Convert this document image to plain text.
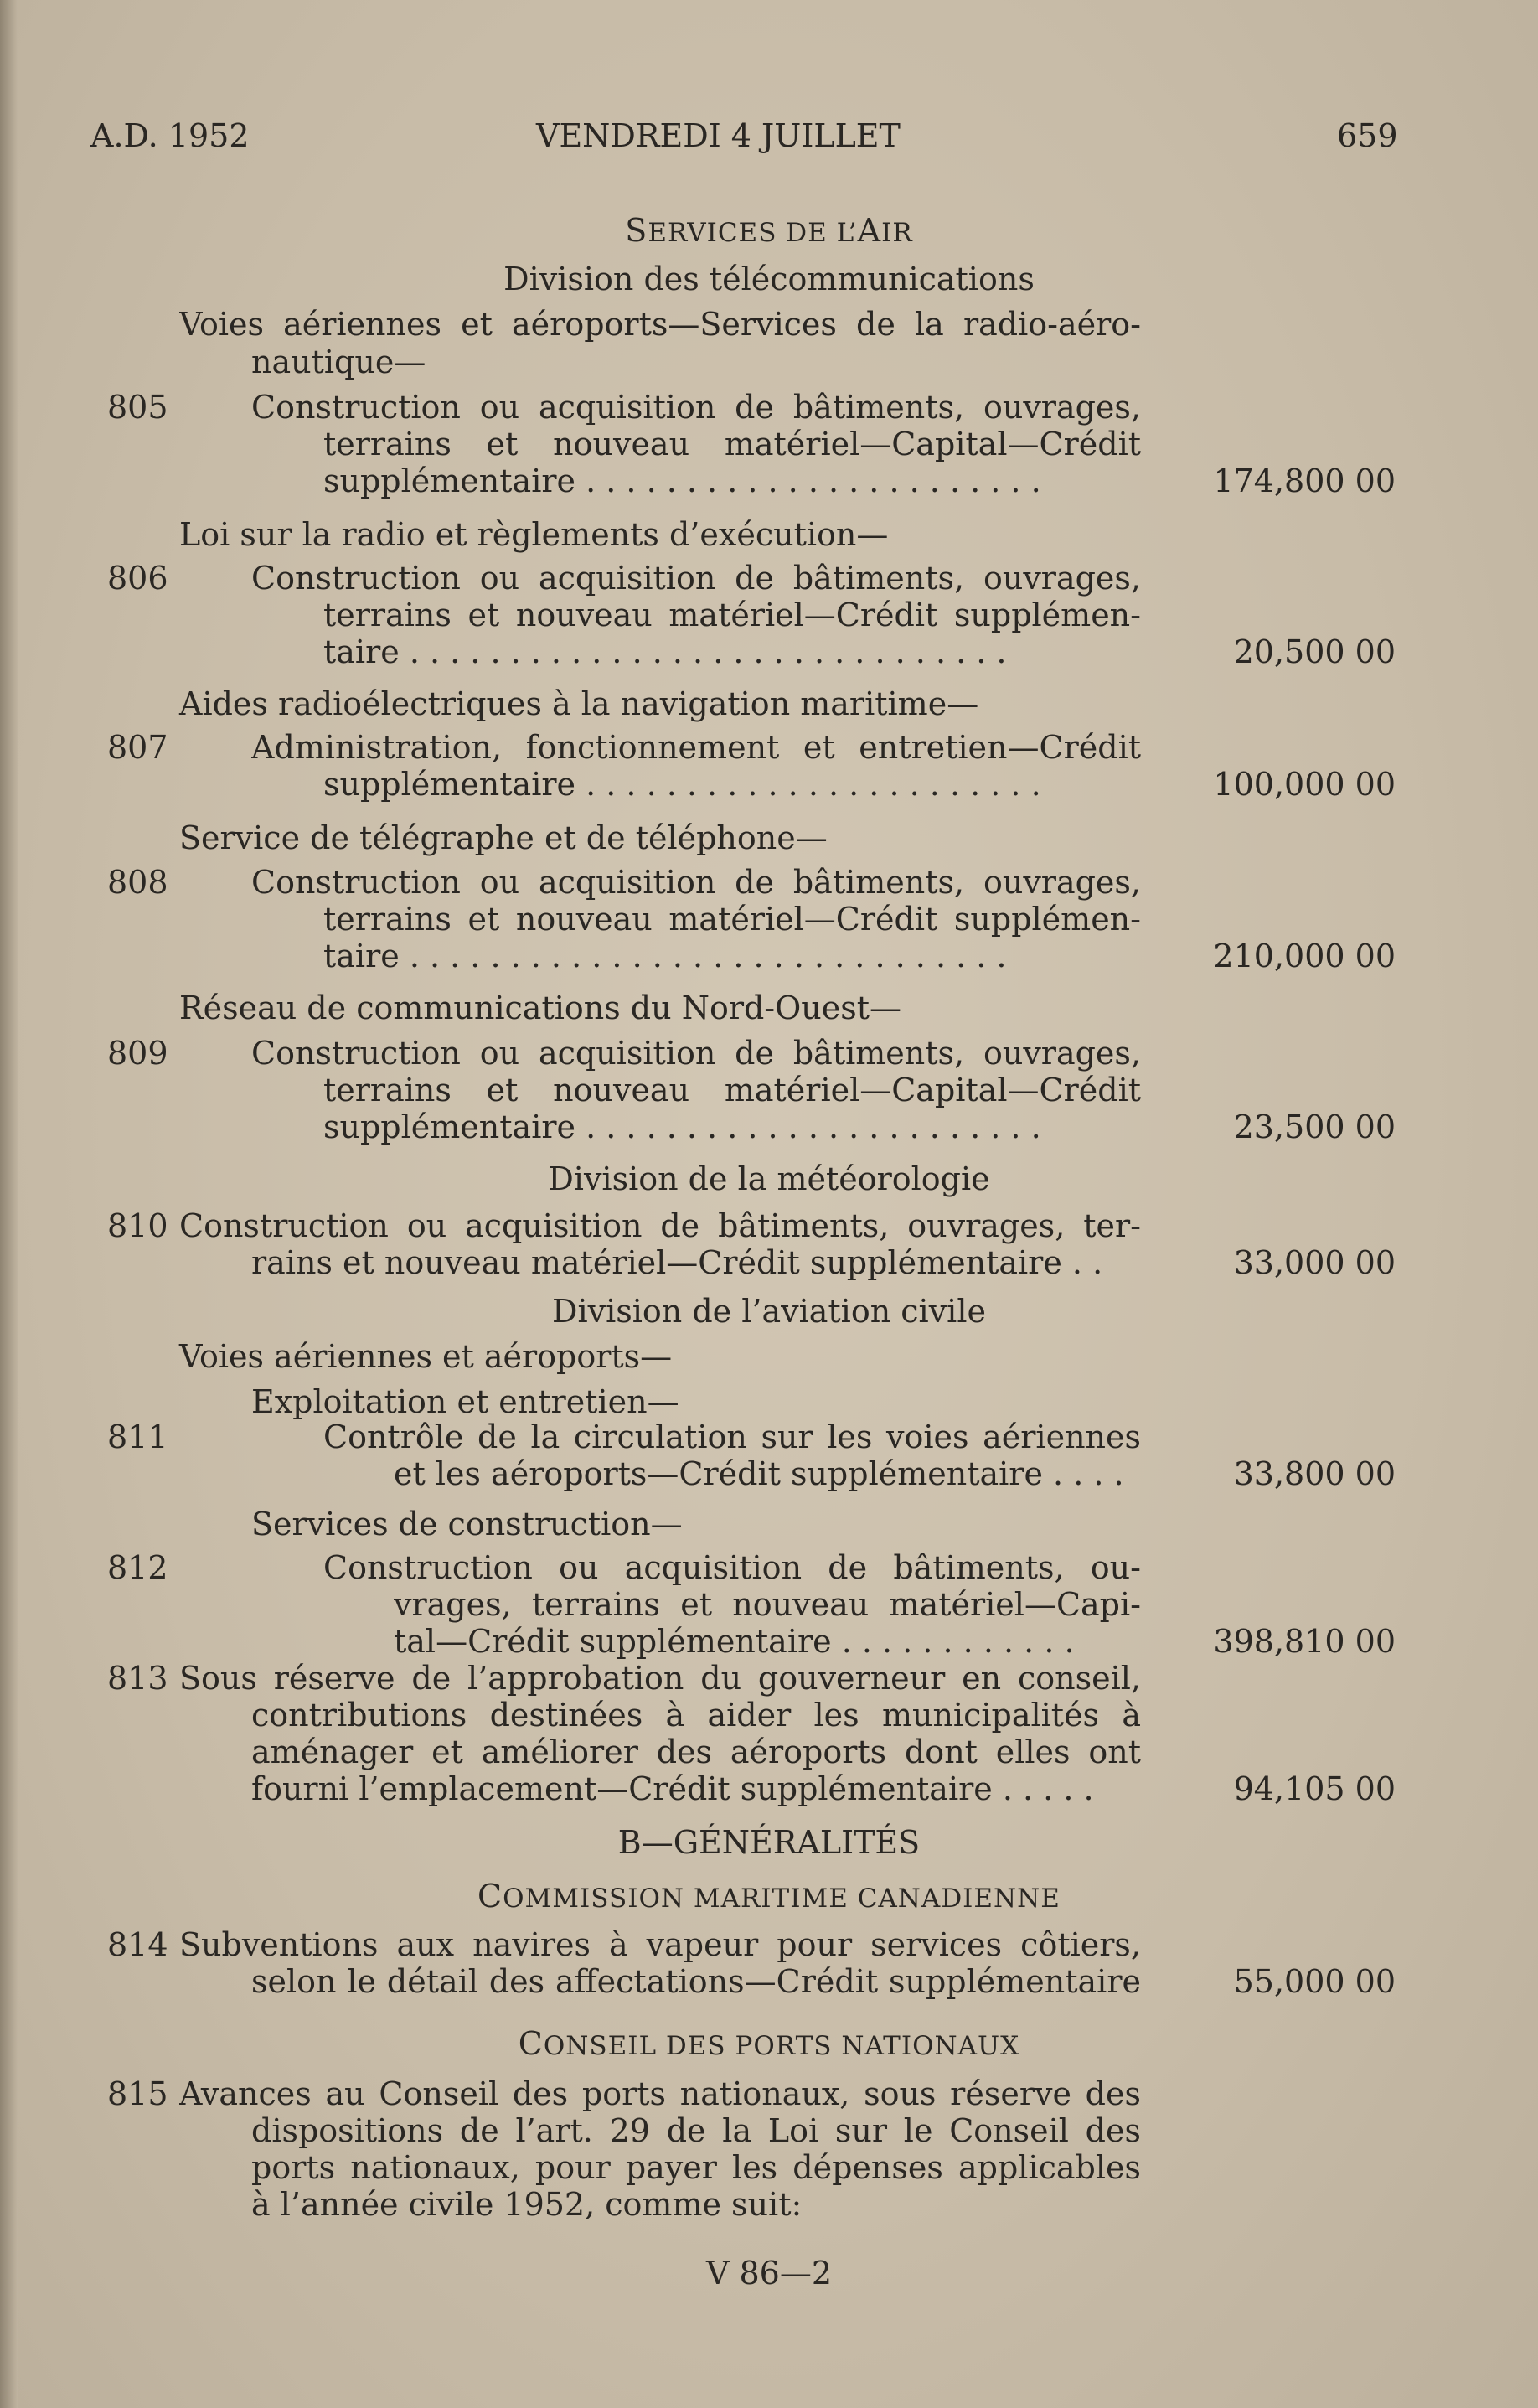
A.D. 1952	VENDREDI 4 JUILLET	659
SERVICES DE L’AIR
Division des télécommunications
Voies aériennes et aéroports—Services de la radio-aéro-
nautique—
805	Construction ou acquisition de bâtiments, ouvrages,
terrains et nouveau matériel—Capital—Crédit
supplémentaire . . . . . . . . . . . . . . . . . . . . . . .	174,800 00
Loi sur la radio et règlements d’exécution—
806	Construction ou acquisition de bâtiments, ouvrages,
terrains et nouveau matériel—Crédit supplémen-
taire . . . . . . . . . . . . . . . . . . . . . . . . . . . . . .	20,500 00
Aides radioélectriques à la navigation maritime—
807	Administration, fonctionnement et entretien—Crédit
supplémentaire . . . . . . . . . . . . . . . . . . . . . . .	100,000 00
Service de télégraphe et de téléphone—
808	Construction ou acquisition de bâtiments, ouvrages,
terrains et nouveau matériel—Crédit supplémen-
taire . . . . . . . . . . . . . . . . . . . . . . . . . . . . . .	210,000 00
Réseau de communications du Nord-Ouest—
809	Construction ou acquisition de bâtiments, ouvrages,
terrains et nouveau matériel—Capital—Crédit
supplémentaire . . . . . . . . . . . . . . . . . . . . . . .	23,500 00
Division de la météorologie
810 Construction ou acquisition de bâtiments, ouvrages, ter-
rains et nouveau matériel—Crédit supplémentaire . .	33,000 00
Division de l’aviation civile
Voies aériennes et aéroports—
Exploitation et entretien—
811	Contrôle de la circulation sur les voies aériennes
et les aéroports—Crédit supplémentaire . . . .	33,800 00
Services de construction—
812	Construction ou acquisition de bâtiments, ou-
vrages, terrains et nouveau matériel—Capi-
tal—Crédit supplémentaire . . . . . . . . . . . .	398,810 00
813 Sous réserve de l’approbation du gouverneur en conseil,
contributions destinées à aider les municipalités à
aménager et améliorer des aéroports dont elles ont
fourni l’emplacement—Crédit supplémentaire . . . . .	94,105 00
B—GÉNÉRALITÉS
COMMISSION MARITIME CANADIENNE
814 Subventions aux navires à vapeur pour services côtiers,
selon le détail des affectations—Crédit supplémentaire	55,000 00
CONSEIL DES PORTS NATIONAUX
815 Avances au Conseil des ports nationaux, sous réserve des
dispositions de l’art. 29 de la Loi sur le Conseil des
ports nationaux, pour payer les dépenses applicables
à l’année civile 1952, comme suit:
V 86—2
